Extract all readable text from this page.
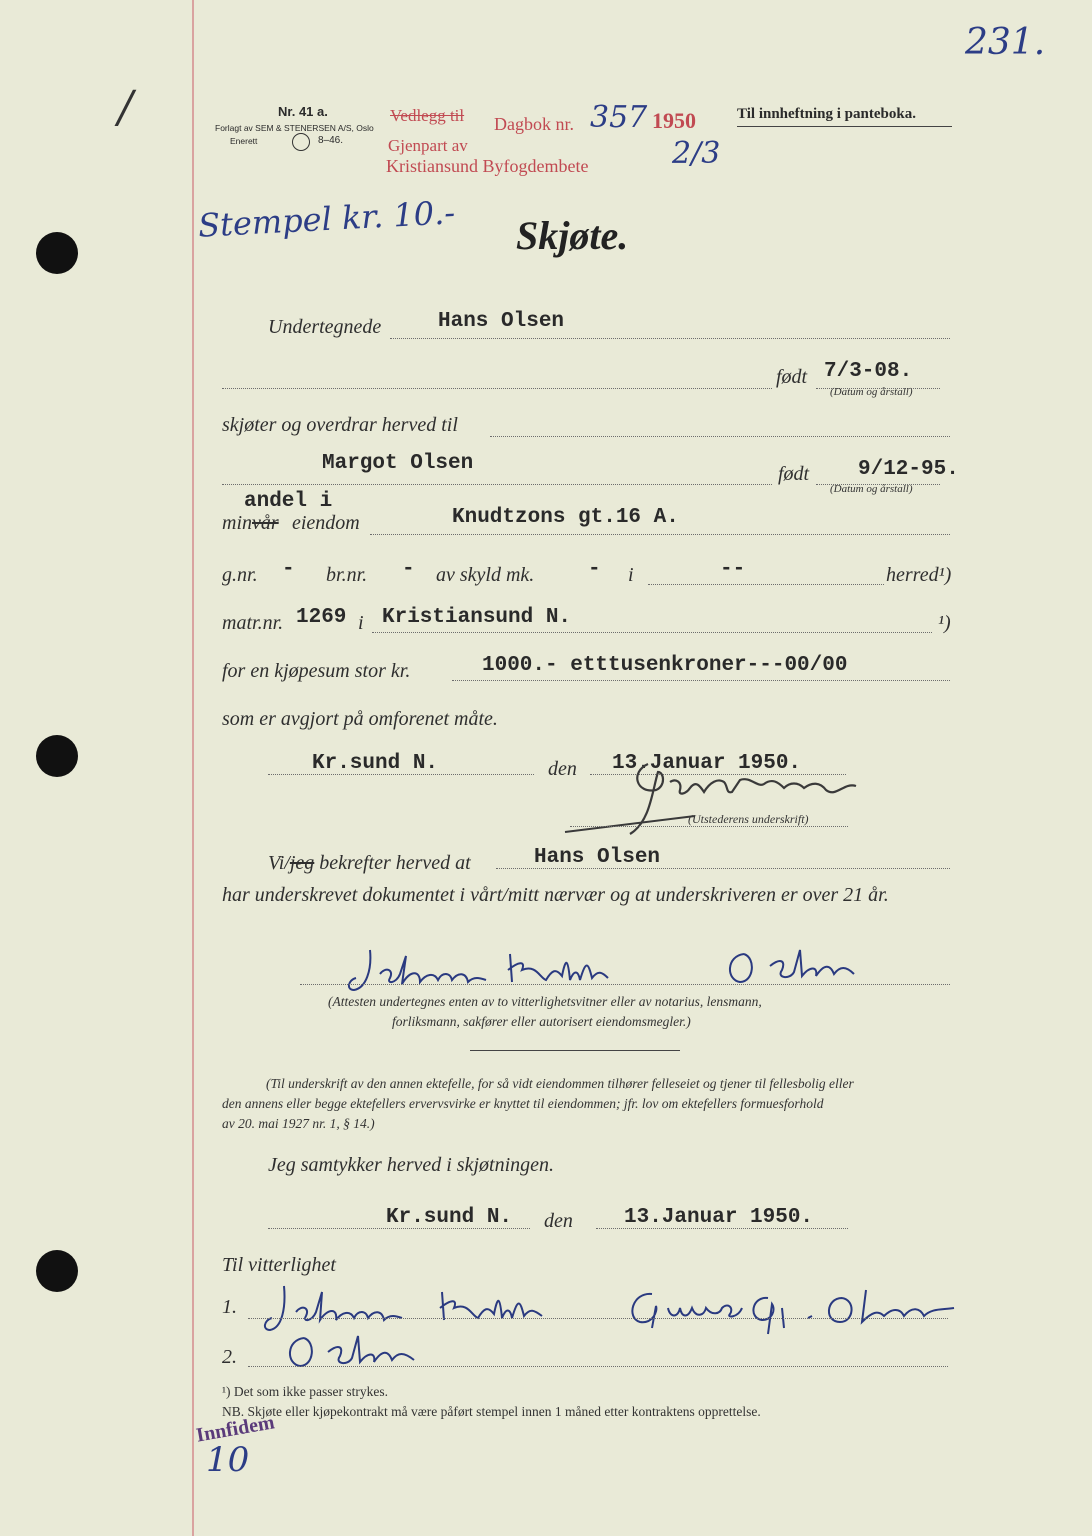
231.
/	Nr. 41 a.
Forlagt av SEM & STENERSEN A/S, Oslo
Enerett	8–46.
Vedlegg til Dagbok nr.
Gjenpart av
Kristiansund Byfogdembete
357 1950
2/3
Til innheftning i panteboka.
Stempel kr. 10.- Skjøte.
Undertegnede	Hans Olsen
født 7/3-08.
(Datum og årstall)
skjøter og overdrar herved til
Margot Olsen	født 9/12-95.
(Datum og årstall)
andel i
minvår eiendom	Knudtzons gt.16 A.
g.nr. - br.nr. - av skyld mk.	- i	--	herred¹)
matr.nr. 1269 i Kristiansund N.	¹)
for en kjøpesum stor kr.	1000.- etttusenkroner---00/00
som er avgjort på omforenet måte.
Kr.sund N.	den 13.Januar 1950.
(Utstederens underskrift)
Vi/jeg bekrefter herved at	Hans Olsen
har underskrevet dokumentet i vårt/mitt nærvær og at underskriveren er over 21 år.
(Attesten undertegnes enten av to vitterlighetsvitner eller av notarius, lensmann,
forliksmann, sakfører eller autorisert eiendomsmegler.)
(Til underskrift av den annen ektefelle, for så vidt eiendommen tilhører felleseiet og tjener til fellesbolig eller
den annens eller begge ektefellers ervervsvirke er knyttet til eiendommen; jfr. lov om ektefellers formuesforhold
av 20. mai 1927 nr. 1, § 14.)
Jeg samtykker herved i skjøtningen.
Kr.sund N. den 13.Januar 1950.
Til vitterlighet
1.
2.
¹) Det som ikke passer strykes.
NB. Skjøte eller kjøpekontrakt må være påført stempel innen 1 måned etter kontraktens opprettelse.
Innfidem
10
